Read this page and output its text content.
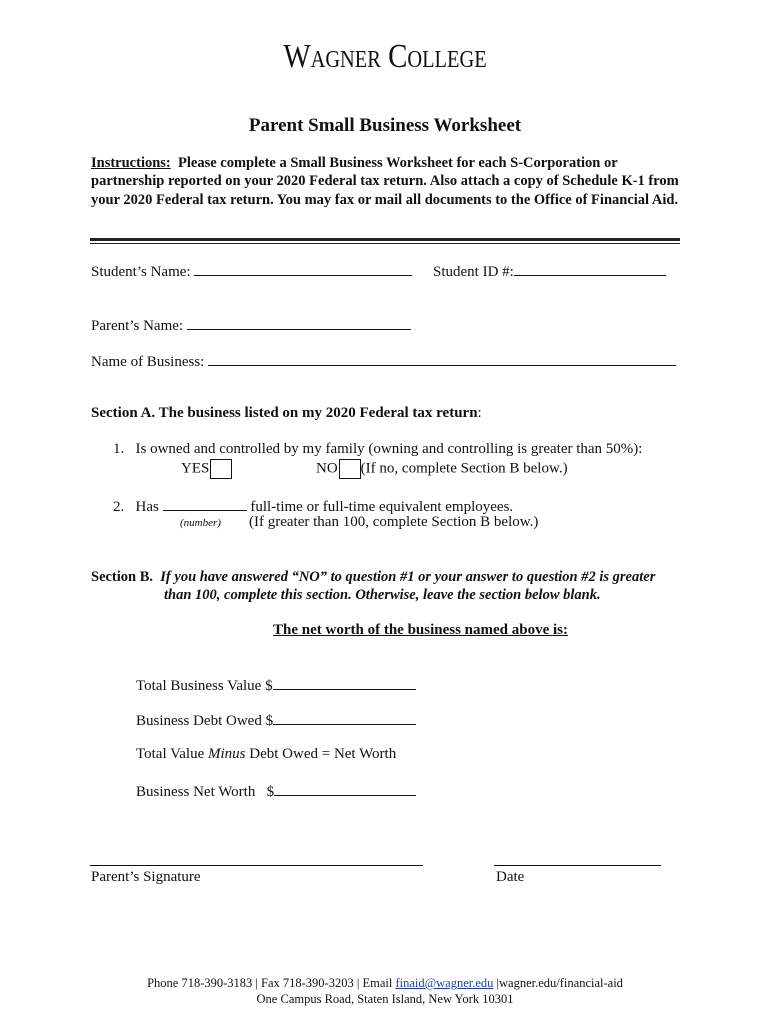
Wagner College
Parent Small Business Worksheet
Instructions: Please complete a Small Business Worksheet for each S-Corporation or partnership reported on your 2020 Federal tax return. Also attach a copy of Schedule K-1 from your 2020 Federal tax return. You may fax or mail all documents to the Office of Financial Aid.
Student’s Name:	Student ID #:
Parent’s Name:
Name of Business:
Section A. The business listed on my 2020 Federal tax return:
1. Is owned and controlled by my family (owning and controlling is greater than 50%):
YES	NO (If no, complete Section B below.)
2. Has	full-time or full-time equivalent employees.
(number) (If greater than 100, complete Section B below.)
Section B. If you have answered “NO” to question #1 or your answer to question #2 is greater
than 100, complete this section. Otherwise, leave the section below blank.
The net worth of the business named above is:
Total Business Value $
Business Debt Owed $
Total Value Minus Debt Owed = Net Worth
Business Net Worth   $
Parent’s Signature	Date
Phone 718-390-3183 | Fax 718-390-3203 | Email finaid@wagner.edu |wagner.edu/financial-aid
One Campus Road, Staten Island, New York 10301
